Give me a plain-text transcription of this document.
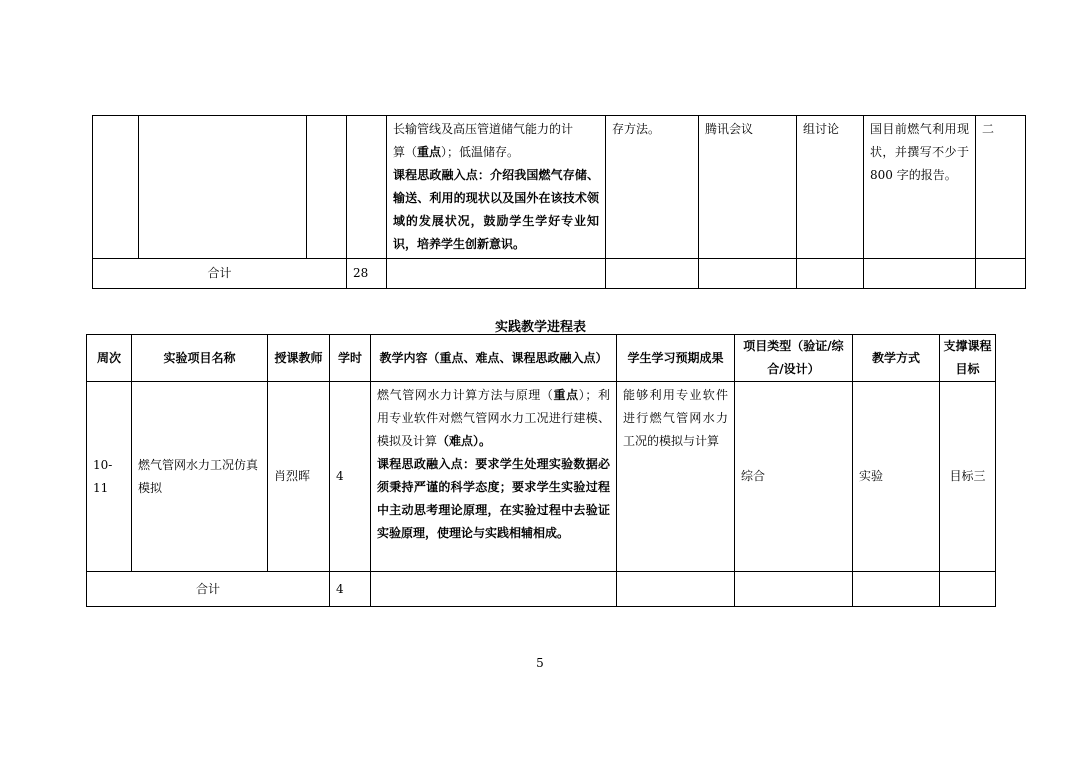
				长输管线及高压管道储气能力的计
算（重点）；低温储存。
课程思政融入点：介绍我国燃气存储、输送、利用的现状以及国外在该技术领域的发展状况，鼓励学生学好专业知识，培养学生创新意识。	存方法。	腾讯会议	组讨论	国目前燃气利用现状，并撰写不少于 800 字的报告。	二
合计			28						
实践教学进程表
周次	实验项目名称	授课教师	学时	教学内容（重点、难点、课程思政融入点）	学生学习预期成果	项目类型（验证/综合/设计）	教学方式	支撑课程目标
10-11	燃气管网水力工况仿真模拟	肖烈晖	4	燃气管网水力计算方法与原理（重点）；利用专业软件对燃气管网水力工况进行建模、模拟及计算（难点）。
课程思政融入点：要求学生处理实验数据必须秉持严谨的科学态度；要求学生实验过程中主动思考理论原理，在实验过程中去验证实验原理，使理论与实践相辅相成。	能够利用专业软件进行燃气管网水力工况的模拟与计算	综合	实验	目标三
合计			4					
5
